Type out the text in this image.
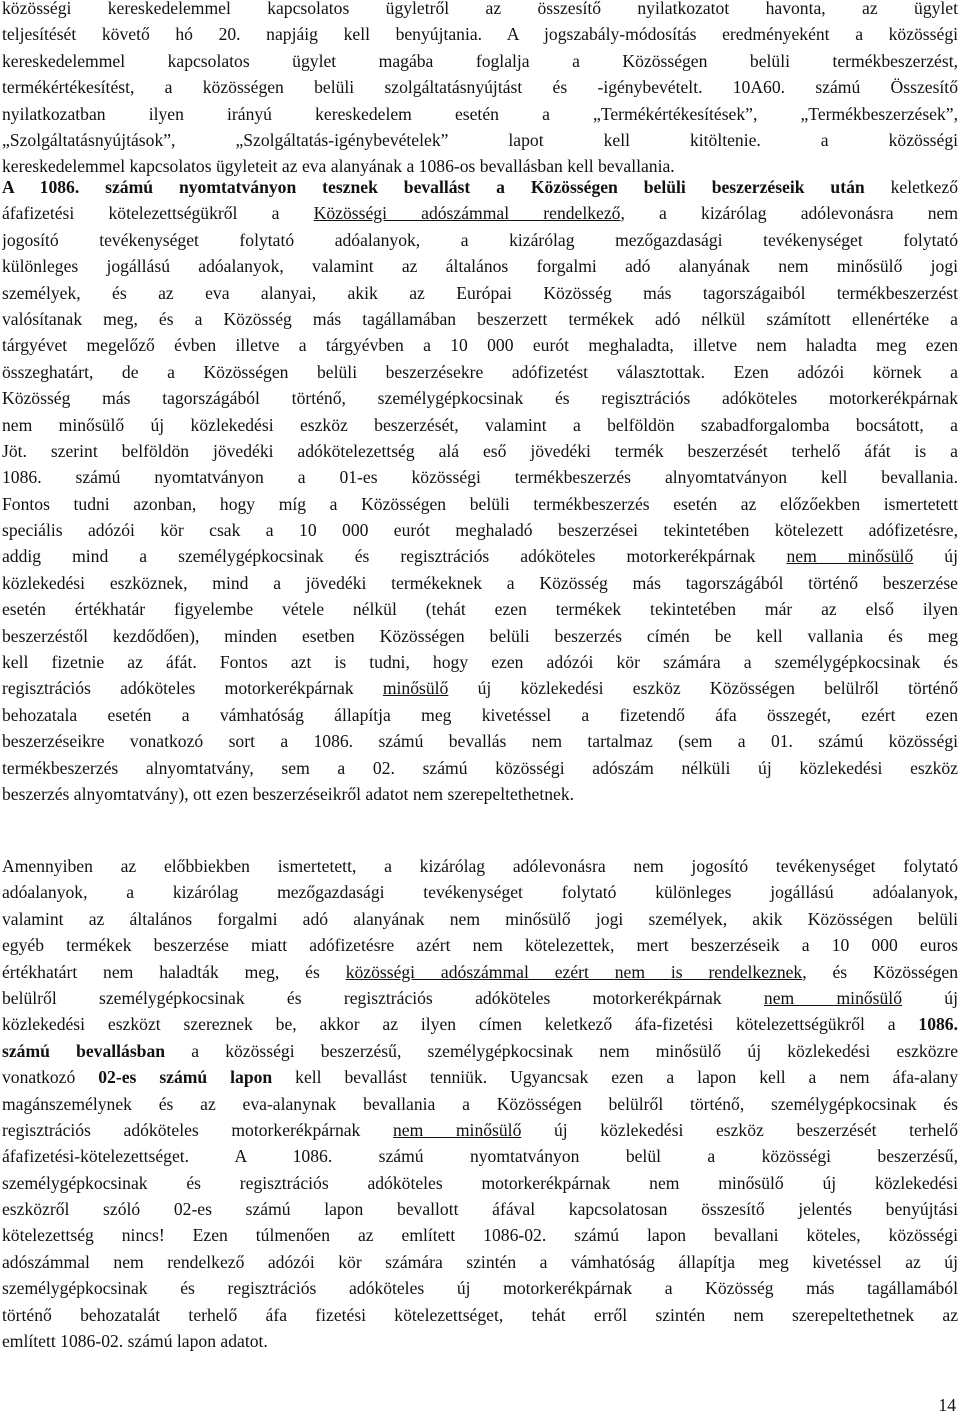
közösségi kereskedelemmel kapcsolatos ügyletről az összesítő nyilatkozatot havonta, az ügylet
teljesítését követő hó 20. napjáig kell benyújtania. A jogszabály-módosítás eredményeként a közösségi
kereskedelemmel kapcsolatos ügylet magába foglalja a Közösségen belüli termékbeszerzést,
termékértékesítést, a közösségen belüli szolgáltatásnyújtást és -igénybevételt. 10A60. számú Összesítő
nyilatkozatban ilyen irányú kereskedelem esetén a „Termékértékesítések”, „Termékbeszerzések”,
„Szolgáltatásnyújtások”, „Szolgáltatás-igénybevételek” lapot kell kitöltenie. a közösségi
kereskedelemmel kapcsolatos ügyleteit az eva alanyának a 1086-os bevallásban kell bevallania.
A 1086. számú nyomtatványon tesznek bevallást a Közösségen belüli beszerzéseik után keletkező
áfafizetési kötelezettségükről a Közösségi adószámmal rendelkező, a kizárólag adólevonásra nem
jogosító tevékenységet folytató adóalanyok, a kizárólag mezőgazdasági tevékenységet folytató
különleges jogállású adóalanyok, valamint az általános forgalmi adó alanyának nem minősülő jogi
személyek, és az eva alanyai, akik az Európai Közösség más tagországaiból termékbeszerzést
valósítanak meg, és a Közösség más tagállamában beszerzett termékek adó nélkül számított ellenértéke a
tárgyévet megelőző évben illetve a tárgyévben a 10 000 eurót meghaladta, illetve nem haladta meg ezen
összeghatárt, de a Közösségen belüli beszerzésekre adófizetést választottak. Ezen adózói körnek a
Közösség más tagországából történő, személygépkocsinak és regisztrációs adóköteles motorkerékpárnak
nem minősülő új közlekedési eszköz beszerzését, valamint a belföldön szabadforgalomba bocsátott, a
Jöt. szerint belföldön jövedéki adókötelezettség alá eső jövedéki termék beszerzését terhelő áfát is a
1086. számú nyomtatványon a 01-es közösségi termékbeszerzés alnyomtatványon kell bevallania.
Fontos tudni azonban, hogy míg a Közösségen belüli termékbeszerzés esetén az előzőekben ismertetett
speciális adózói kör csak a 10 000 eurót meghaladó beszerzései tekintetében kötelezett adófizetésre,
addig mind a személygépkocsinak és regisztrációs adóköteles motorkerékpárnak nem minősülő új
közlekedési eszköznek, mind a jövedéki termékeknek a Közösség más tagországából történő beszerzése
esetén értékhatár figyelembe vétele nélkül (tehát ezen termékek tekintetében már az első ilyen
beszerzéstől kezdődően), minden esetben Közösségen belüli beszerzés címén be kell vallania és meg
kell fizetnie az áfát. Fontos azt is tudni, hogy ezen adózói kör számára a személygépkocsinak és
regisztrációs adóköteles motorkerékpárnak minősülő új közlekedési eszköz Közösségen belülről történő
behozatala esetén a vámhatóság állapítja meg kivetéssel a fizetendő áfa összegét, ezért ezen
beszerzéseikre vonatkozó sort a 1086. számú bevallás nem tartalmaz (sem a 01. számú közösségi
termékbeszerzés alnyomtatvány, sem a 02. számú közösségi adószám nélküli új közlekedési eszköz
beszerzés alnyomtatvány), ott ezen beszerzéseikről adatot nem szerepeltethetnek.
Amennyiben az előbbiekben ismertetett, a kizárólag adólevonásra nem jogosító tevékenységet folytató
adóalanyok, a kizárólag mezőgazdasági tevékenységet folytató különleges jogállású adóalanyok,
valamint az általános forgalmi adó alanyának nem minősülő jogi személyek, akik Közösségen belüli
egyéb termékek beszerzése miatt adófizetésre azért nem kötelezettek, mert beszerzéseik a 10 000 euros
értékhatárt nem haladták meg, és közösségi adószámmal ezért nem is rendelkeznek, és Közösségen
belülről személygépkocsinak és regisztrációs adóköteles motorkerékpárnak nem minősülő új
közlekedési eszközt szereznek be, akkor az ilyen címen keletkező áfa-fizetési kötelezettségükről a 1086.
számú bevallásban a közösségi beszerzésű, személygépkocsinak nem minősülő új közlekedési eszközre
vonatkozó 02-es számú lapon kell bevallást tenniük. Ugyancsak ezen a lapon kell a nem áfa-alany
magánszemélynek és az eva-alanynak bevallania a Közösségen belülről történő, személygépkocsinak és
regisztrációs adóköteles motorkerékpárnak nem minősülő új közlekedési eszköz beszerzését terhelő
áfafizetési-kötelezettséget. A 1086. számú nyomtatványon belül a közösségi beszerzésű,
személygépkocsinak és regisztrációs adóköteles motorkerékpárnak nem minősülő új közlekedési
eszközről szóló 02-es számú lapon bevallott áfával kapcsolatosan összesítő jelentés benyújtási
kötelezettség nincs! Ezen túlmenően az említett 1086-02. számú lapon bevallani köteles, közösségi
adószámmal nem rendelkező adózói kör számára szintén a vámhatóság állapítja meg kivetéssel az új
személygépkocsinak és regisztrációs adóköteles új motorkerékpárnak a Közösség más tagállamából
történő behozatalát terhelő áfa fizetési kötelezettséget, tehát erről szintén nem szerepeltethetnek az
említett 1086-02. számú lapon adatot.
14
